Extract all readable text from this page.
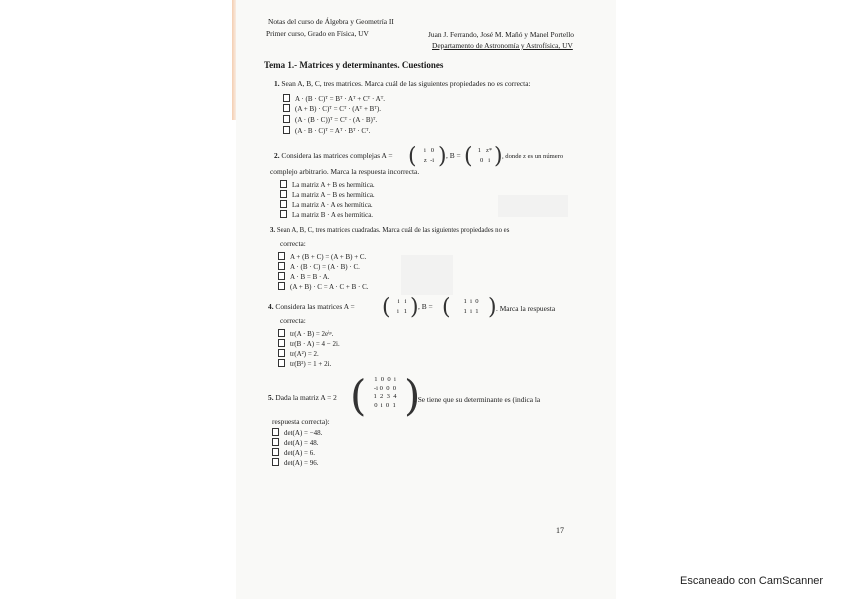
Notas del curso de Álgebra y Geometría II
Primer curso, Grado en Física, UV	Juan J. Ferrando, José M. Mañó y Manel Portello
Departamento de Astronomía y Astrofísica, UV
Tema 1.- Matrices y determinantes. Cuestiones
1. Sean A, B, C, tres matrices. Marca cuál de las siguientes propiedades no es correcta:
A · (B · C)ᵀ = Bᵀ · Aᵀ + Cᵀ · Aᵀ.
(A + B) · C)ᵀ = Cᵀ · (Aᵀ + Bᵀ).
(A · (B · C))ᵀ = Cᵀ · (A · B)ᵀ.
(A · B · C)ᵀ = Aᵀ · Bᵀ · Cᵀ.
2. Considera las matrices complejas A = (	i 0
z -i ) , B = ( 1 z*
0 i ) , donde z es un número
complejo arbitrario. Marca la respuesta incorrecta.
La matriz A + B es hermítica.
La matriz A − B es hermítica.
La matriz A · A es hermítica.
La matriz B · A es hermítica.
3. Sean A, B, C, tres matrices cuadradas. Marca cuál de las siguientes propiedades no es
correcta:
A + (B + C) = (A + B) + C.
A · (B · C) = (A · B) · C.
A · B = B · A.
(A + B) · C = A · C + B · C.
4. Considera las matrices A = (	i i
i 1 ) , B = (	1 i 0
1 i 1 ) . Marca la respuesta
correcta:
tr(A · B) = 2eⁱᵖ.
tr(B · A) = 4 − 2i.
tr(A²) = 2.
tr(B²) = 1 + 2i.
5. Dada la matriz A = 2 (	1 0 0 i
-i 0 0 0
1 2 3 4
0 i 0 1 )
. Se tiene que su determinante es (indica la
respuesta correcta):
det(A) = −48.
det(A) = 48.
det(A) = 6.
det(A) = 96.
17
Escaneado con CamScanner
